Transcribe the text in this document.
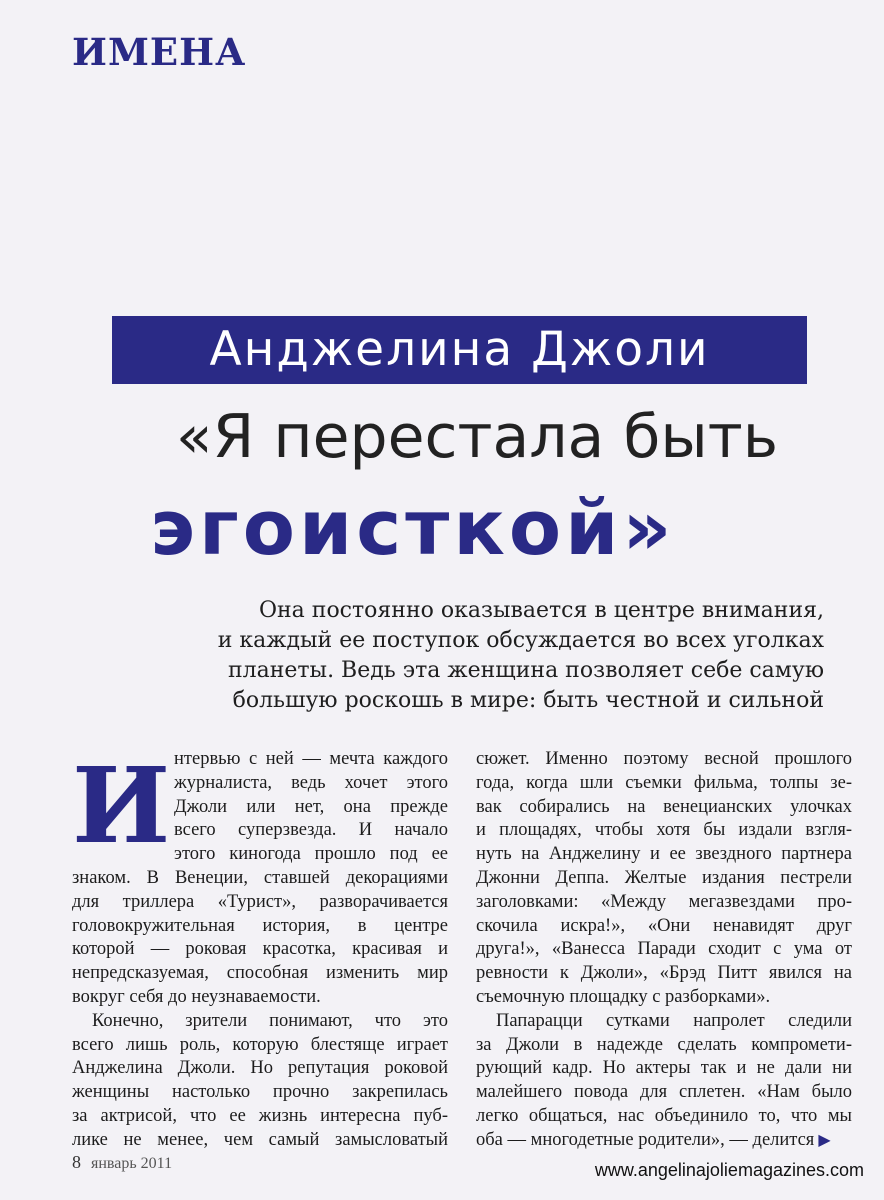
ИМЕНА
Анджелина Джоли
«Я перестала быть
эгоисткой»
Она постоянно оказывается в центре внимания,
и каждый ее поступок обсуждается во всех уголках
планеты. Ведь эта женщина позволяет себе самую
большую роскошь в мире: быть честной и сильной
И нтервью с ней — мечта каждого
журналиста, ведь хочет этого
Джоли или нет, она прежде
всего суперзвезда. И начало
этого киногода прошло под ее
знаком. В Венеции, ставшей декорациями
для триллера «Турист», разворачивается
головокружительная история, в центре
которой — роковая красотка, красивая и
непредсказуемая, способная изменить мир
вокруг себя до неузнаваемости.
Конечно, зрители понимают, что это
всего лишь роль, которую блестяще играет
Анджелина Джоли. Но репутация роковой
женщины настолько прочно закрепилась
за актрисой, что ее жизнь интересна пуб-
лике не менее, чем самый замысловатый
сюжет. Именно поэтому весной прошлого
года, когда шли съемки фильма, толпы зе-
вак собирались на венецианских улочках
и площадях, чтобы хотя бы издали взгля-
нуть на Анджелину и ее звездного партнера
Джонни Деппа. Желтые издания пестрели
заголовками: «Между мегазвездами про-
скочила искра!», «Они ненавидят друг
друга!», «Ванесса Паради сходит с ума от
ревности к Джоли», «Брэд Питт явился на
съемочную площадку с разборками».
Папарацци сутками напролет следили
за Джоли в надежде сделать компромети-
рующий кадр. Но актеры так и не дали ни
малейшего повода для сплетен. «Нам было
легко общаться, нас объединило то, что мы
оба — многодетные родители», — делится ▶
8 январь 2011	www.angelinajoliemagazines.com
